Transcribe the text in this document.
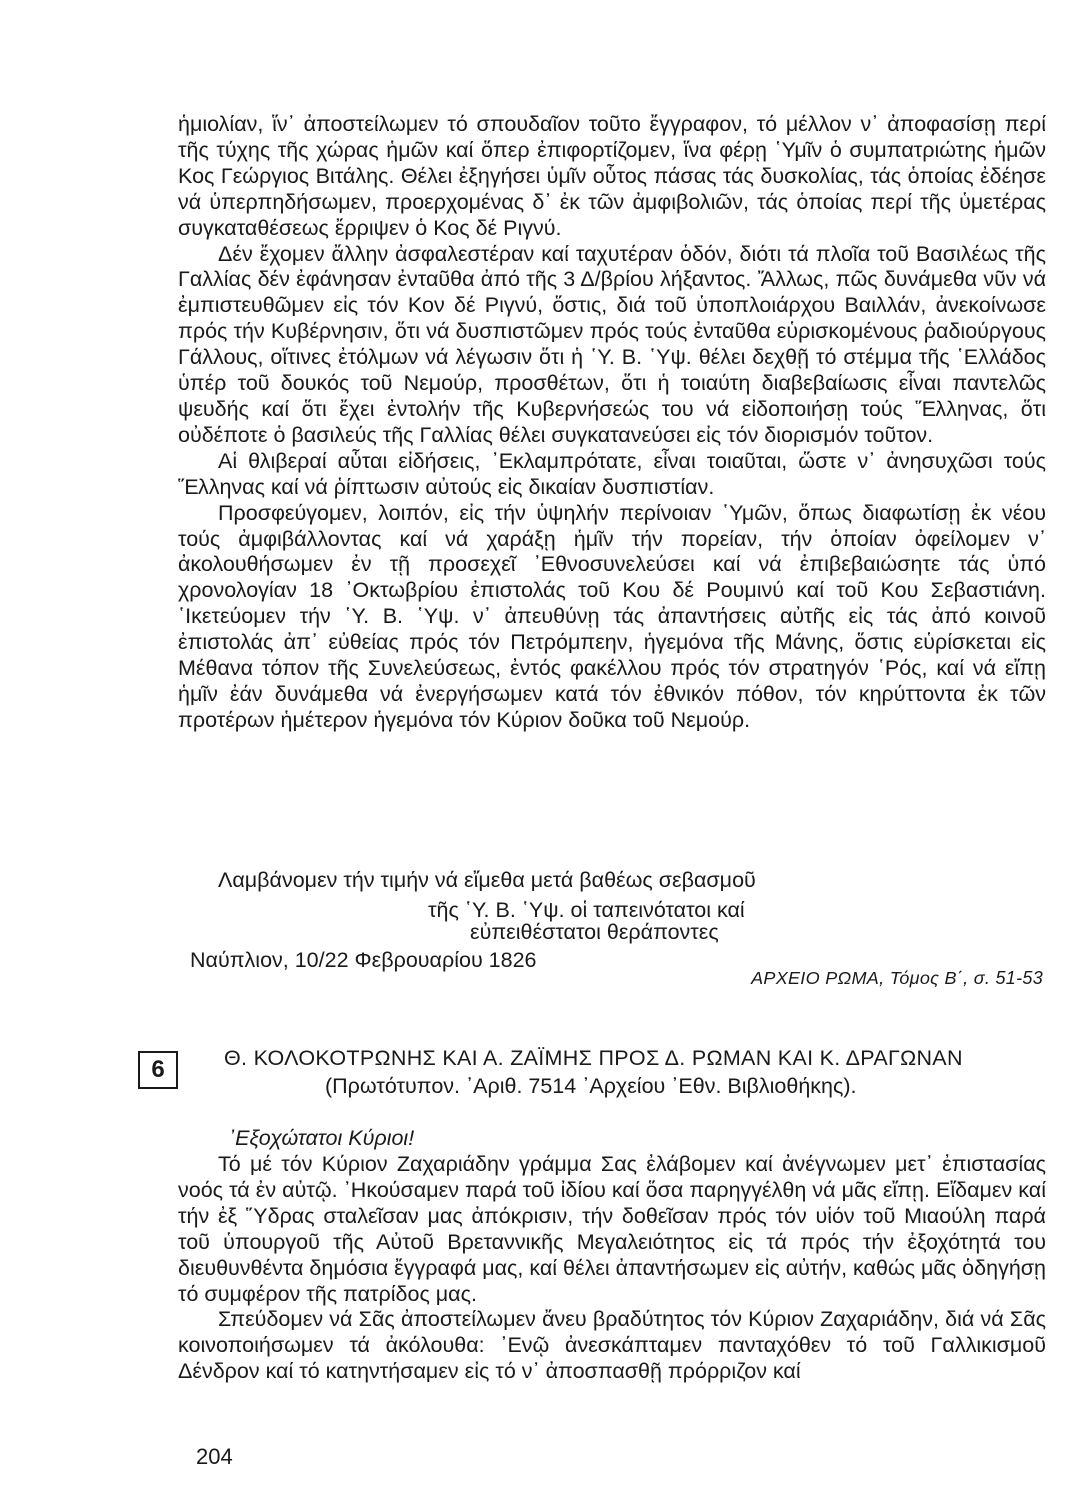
ἡμιολίαν, ἵν᾽ ἀποστείλωμεν τό σπουδαῖον τοῦτο ἔγγραφον, τό μέλλον ν᾽ ἀποφασίσῃ περί τῆς τύχης τῆς χώρας ἡμῶν καί ὅπερ ἐπιφορτίζομεν, ἵνα φέρῃ ῾Υμῖν ὁ συμπατριώτης ἡμῶν Κος Γεώργιος Βιτάλης. Θέλει ἐξηγήσει ὑμῖν οὗτος πάσας τάς δυσκολίας, τάς ὁποίας ἐδέησε νά ὑπερπηδήσωμεν, προερχομένας δ᾽ ἐκ τῶν ἀμφιβολιῶν, τάς ὁποίας περί τῆς ὑμετέρας συγκαταθέσεως ἔρριψεν ὁ Κος δέ Ριγνύ.

Δέν ἔχομεν ἄλλην ἀσφαλεστέραν καί ταχυτέραν ὁδόν, διότι τά πλοῖα τοῦ Βασιλέως τῆς Γαλλίας δέν ἐφάνησαν ἐνταῦθα ἀπό τῆς 3 Δ/βρίου λήξαντος. Ἄλλως, πῶς δυνάμεθα νῦν νά ἐμπιστευθῶμεν εἰς τόν Κον δέ Ριγνύ, ὅστις, διά τοῦ ὑποπλοιάρχου Βαιλλάν, ἀνεκοίνωσε πρός τήν Κυβέρνησιν, ὅτι νά δυσπιστῶμεν πρός τούς ἐνταῦθα εὑρισκομένους ῥαδιούργους Γάλλους, οἵτινες ἐτόλμων νά λέγωσιν ὅτι ἡ ῾Υ. Β. ῾Υψ. θέλει δεχθῇ τό στέμμα τῆς ῾Ελλάδος ὑπέρ τοῦ δουκός τοῦ Νεμούρ, προσθέτων, ὅτι ἡ τοιαύτη διαβεβαίωσις εἶναι παντελῶς ψευδής καί ὅτι ἔχει ἐντολήν τῆς Κυβερνήσεώς του νά εἰδοποιήσῃ τούς Ἕλληνας, ὅτι οὐδέποτε ὁ βασιλεύς τῆς Γαλλίας θέλει συγκατανεύσει εἰς τόν διορισμόν τοῦτον.

Αἱ θλιβεραί αὗται εἰδήσεις, ᾽Εκλαμπρότατε, εἶναι τοιαῦται, ὥστε ν᾽ ἀνησυχῶσι τούς Ἕλληνας καί νά ῥίπτωσιν αὐτούς εἰς δικαίαν δυσπιστίαν.

Προσφεύγομεν, λοιπόν, εἰς τήν ὑψηλήν περίνοιαν ῾Υμῶν, ὅπως διαφωτίσῃ ἐκ νέου τούς ἀμφιβάλλοντας καί νά χαράξῃ ἡμῖν τήν πορείαν, τήν ὁποίαν ὀφείλομεν ν᾽ ἀκολουθήσωμεν ἐν τῇ προσεχεῖ ᾽Εθνοσυνελεύσει καί νά ἐπιβεβαιώσητε τάς ὑπό χρονολογίαν 18 ᾽Οκτωβρίου ἐπιστολάς τοῦ Κου δέ Ρουμινύ καί τοῦ Κου Σεβαστιάνη. ῾Ικετεύομεν τήν ῾Υ. Β. ῾Υψ. ν᾽ ἀπευθύνῃ τάς ἀπαντήσεις αὐτῆς εἰς τάς ἀπό κοινοῦ ἐπιστολάς ἀπ᾽ εὐθείας πρός τόν Πετρόμπεην, ἡγεμόνα τῆς Μάνης, ὅστις εὑρίσκεται εἰς Μέθανα τόπον τῆς Συνελεύσεως, ἐντός φακέλλου πρός τόν στρατηγόν ῾Ρός, καί νά εἴπῃ ἡμῖν ἐάν δυνάμεθα νά ἐνεργήσωμεν κατά τόν ἐθνικόν πόθον, τόν κηρύττοντα ἐκ τῶν προτέρων ἡμέτερον ἡγεμόνα τόν Κύριον δοῦκα τοῦ Νεμούρ.

Λαμβάνομεν τήν τιμήν νά εἴμεθα μετά βαθέως σεβασμοῦ
τῆς ῾Υ. Β. ῾Υψ. οἱ ταπεινότατοι καί
εὐπειθέστατοι θεράποντες
Ναύπλιον, 10/22 Φεβρουαρίου 1826
ΑΡΧΕΙΟ ΡΩΜΑ, Τόμος Β΄, σ. 51-53
6	Θ. ΚΟΛΟΚΟΤΡΩΝΗΣ ΚΑΙ Α. ΖΑΪΜΗΣ ΠΡΟΣ Δ. ΡΩΜΑΝ ΚΑΙ Κ. ΔΡΑΓΩΝΑΝ
(Πρωτότυπον. ᾽Αριθ. 7514 ᾽Αρχείου ᾽Εθν. Βιβλιοθήκης).
᾽Εξοχώτατοι Κύριοι!

Τό μέ τόν Κύριον Ζαχαριάδην γράμμα Σας ἐλάβομεν καί ἀνέγνωμεν μετ᾽ ἐπιστασίας νοός τά ἐν αὐτῷ. ᾽Ηκούσαμεν παρά τοῦ ἰδίου καί ὅσα παρηγγέλθη νά μᾶς εἴπῃ. Εἴδαμεν καί τήν ἐξ Ὕδρας σταλεῖσαν μας ἀπόκρισιν, τήν δοθεῖσαν πρός τόν υἱόν τοῦ Μιαούλη παρά τοῦ ὑπουργοῦ τῆς Αὐτοῦ Βρεταννικῆς Μεγαλειότητος εἰς τά πρός τήν ἐξοχότητά του διευθυνθέντα δημόσια ἔγγραφά μας, καί θέλει ἀπαντήσωμεν εἰς αὐτήν, καθώς μᾶς ὁδηγήσῃ τό συμφέρον τῆς πατρίδος μας.

Σπεύδομεν νά Σᾶς ἀποστείλωμεν ἄνευ βραδύτητος τόν Κύριον Ζαχαριάδην, διά νά Σᾶς κοινοποιήσωμεν τά ἀκόλουθα: ᾽Ενῷ ἀνεσκάπταμεν πανταχόθεν τό τοῦ Γαλλικισμοῦ Δένδρον καί τό κατηντήσαμεν εἰς τό ν᾽ ἀποσπασθῇ πρόρριζον καί

204
